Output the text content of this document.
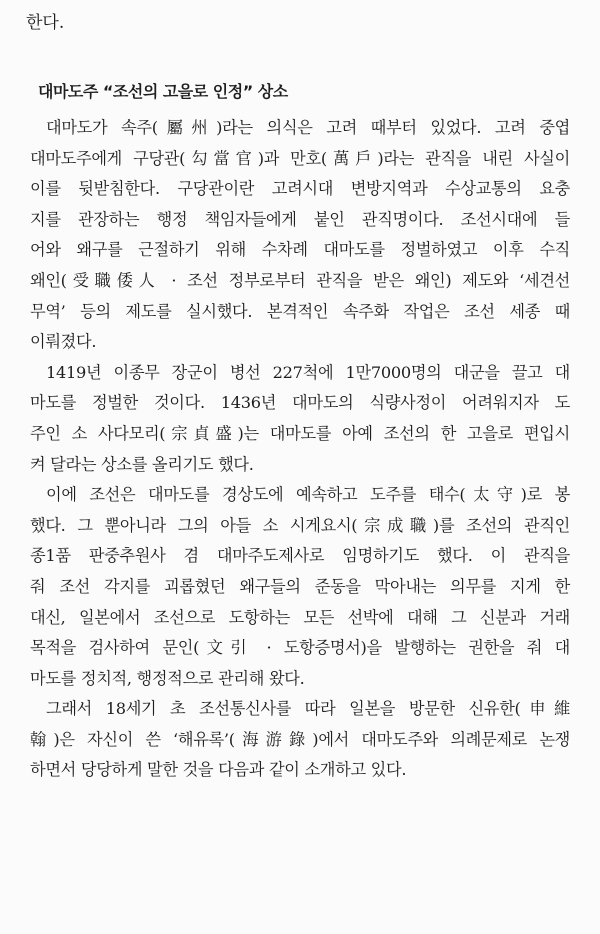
한다.
대마도주 “조선의 고을로 인정” 상소
대마도가 속주(屬州)라는 의식은 고려 때부터 있었다. 고려 중엽
대마도주에게 구당관(勾當官)과 만호(萬戶)라는 관직을 내린 사실이
이를 뒷받침한다. 구당관이란 고려시대 변방지역과 수상교통의 요충
지를 관장하는 행정 책임자들에게 붙인 관직명이다. 조선시대에 들
어와 왜구를 근절하기 위해 수차례 대마도를 정벌하였고 이후 수직
왜인(受職倭人 · 조선 정부로부터 관직을 받은 왜인) 제도와 ‘세견선
무역’ 등의 제도를 실시했다. 본격적인 속주화 작업은 조선 세종 때
이뤄졌다.
1419년 이종무 장군이 병선 227척에 1만7000명의 대군을 끌고 대
마도를 정벌한 것이다. 1436년 대마도의 식량사정이 어려워지자 도
주인 소 사다모리(宗貞盛)는 대마도를 아예 조선의 한 고을로 편입시
켜 달라는 상소를 올리기도 했다.
이에 조선은 대마도를 경상도에 예속하고 도주를 태수(太守)로 봉
했다. 그 뿐아니라 그의 아들 소 시게요시(宗成職)를 조선의 관직인
종1품 판중추원사 겸 대마주도제사로 임명하기도 했다. 이 관직을
줘 조선 각지를 괴롭혔던 왜구들의 준동을 막아내는 의무를 지게 한
대신, 일본에서 조선으로 도항하는 모든 선박에 대해 그 신분과 거래
목적을 검사하여 문인(文引 · 도항증명서)을 발행하는 권한을 줘 대
마도를 정치적, 행정적으로 관리해 왔다.
그래서 18세기 초 조선통신사를 따라 일본을 방문한 신유한(申維
翰)은 자신이 쓴 ‘해유록’(海游錄)에서 대마도주와 의례문제로 논쟁
하면서 당당하게 말한 것을 다음과 같이 소개하고 있다.
